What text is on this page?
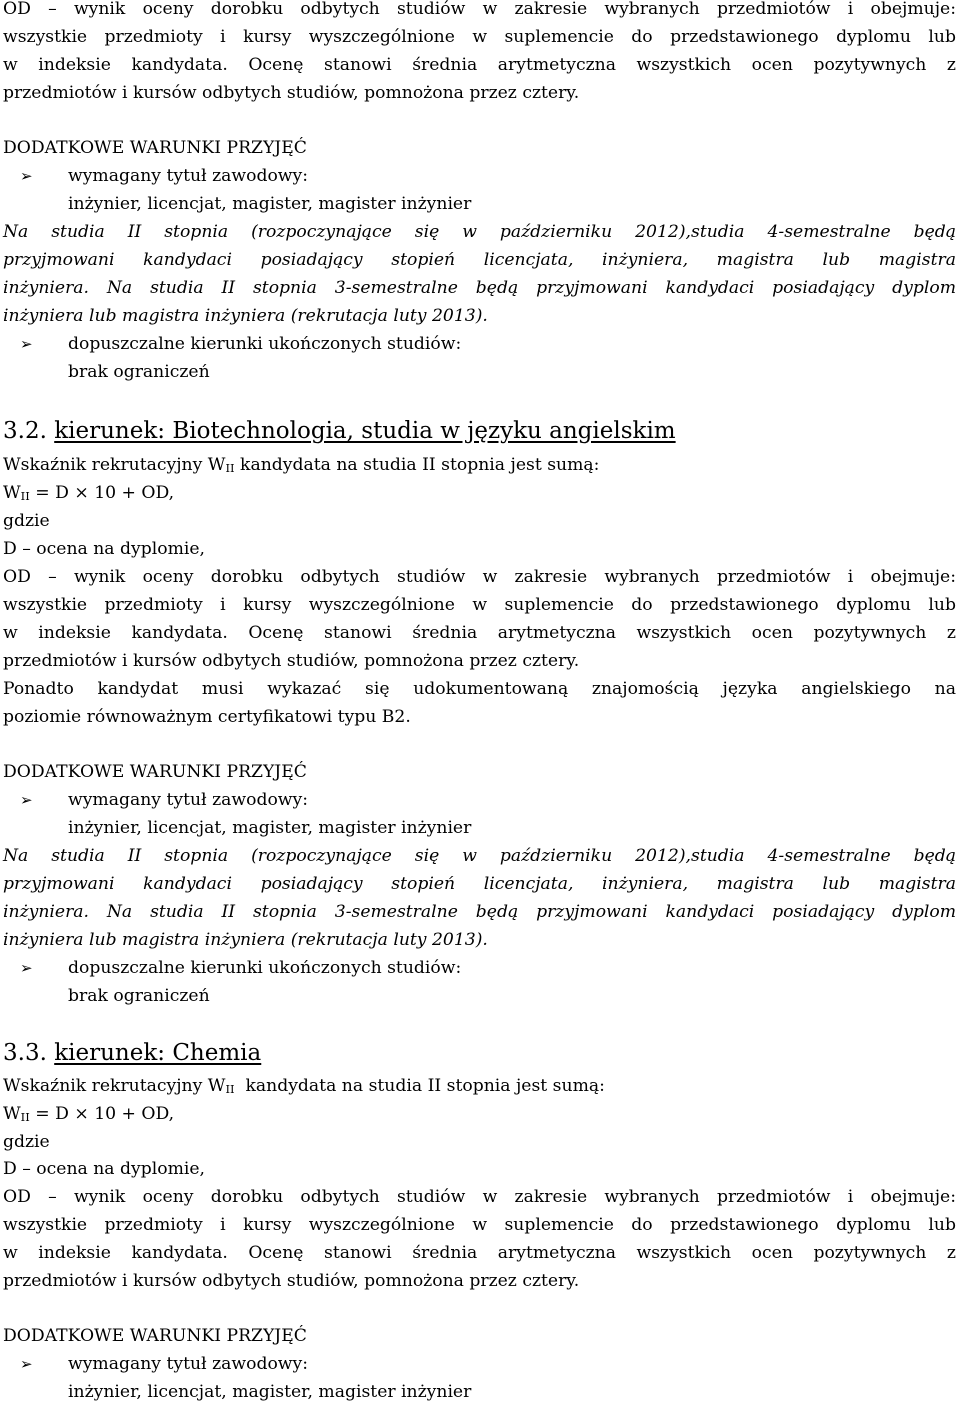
OD – wynik oceny dorobku odbytych studiów w zakresie wybranych przedmiotów i obejmuje:
wszystkie przedmioty i kursy wyszczególnione w suplemencie do przedstawionego dyplomu lub
w indeksie kandydata. Ocenę stanowi średnia arytmetyczna wszystkich ocen pozytywnych z
przedmiotów i kursów odbytych studiów, pomnożona przez cztery.
DODATKOWE WARUNKI PRZYJĘĆ
➢ wymagany tytuł zawodowy:
inżynier, licencjat, magister, magister inżynier
Na studia II stopnia (rozpoczynające się w październiku 2012),studia 4-semestralne będą
przyjmowani kandydaci posiadający stopień licencjata, inżyniera, magistra lub magistra
inżyniera. Na studia II stopnia 3-semestralne będą przyjmowani kandydaci posiadający dyplom
inżyniera lub magistra inżyniera (rekrutacja luty 2013).
➢ dopuszczalne kierunki ukończonych studiów:
brak ograniczeń
3.2. kierunek: Biotechnologia, studia w języku angielskim
Wskaźnik rekrutacyjny $W_{II}$ kandydata na studia II stopnia jest sumą:
$W_{II} = D \times 10$ + OD,
gdzie
D – ocena na dyplomie,
OD – wynik oceny dorobku odbytych studiów w zakresie wybranych przedmiotów i obejmuje:
wszystkie przedmioty i kursy wyszczególnione w suplemencie do przedstawionego dyplomu lub
w indeksie kandydata. Ocenę stanowi średnia arytmetyczna wszystkich ocen pozytywnych z
przedmiotów i kursów odbytych studiów, pomnożona przez cztery.
Ponadto kandydat musi wykazać się udokumentowaną znajomością języka angielskiego na
poziomie równoważnym certyfikatowi typu B2.
DODATKOWE WARUNKI PRZYJĘĆ
➢ wymagany tytuł zawodowy:
inżynier, licencjat, magister, magister inżynier
Na studia II stopnia (rozpoczynające się w październiku 2012),studia 4-semestralne będą
przyjmowani kandydaci posiadający stopień licencjata, inżyniera, magistra lub magistra
inżyniera. Na studia II stopnia 3-semestralne będą przyjmowani kandydaci posiadający dyplom
inżyniera lub magistra inżyniera (rekrutacja luty 2013).
➢ dopuszczalne kierunki ukończonych studiów:
brak ograniczeń
3.3. kierunek: Chemia
Wskaźnik rekrutacyjny $W_{II}$  kandydata na studia II stopnia jest sumą:
$W_{II} = D \times 10$ + OD,
gdzie
D – ocena na dyplomie,
OD – wynik oceny dorobku odbytych studiów w zakresie wybranych przedmiotów i obejmuje:
wszystkie przedmioty i kursy wyszczególnione w suplemencie do przedstawionego dyplomu lub
w indeksie kandydata. Ocenę stanowi średnia arytmetyczna wszystkich ocen pozytywnych z
przedmiotów i kursów odbytych studiów, pomnożona przez cztery.
DODATKOWE WARUNKI PRZYJĘĆ
➢ wymagany tytuł zawodowy:
inżynier, licencjat, magister, magister inżynier
